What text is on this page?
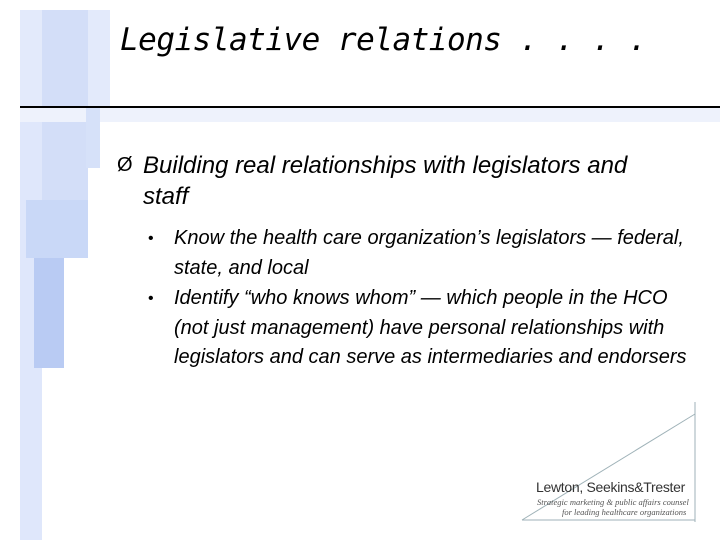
Legislative relations . . . .
Ø Building real relationships with legislators and staff
• Know the health care organization’s legislators — federal, state, and local
• Identify “who knows whom” — which people in the HCO (not just management) have personal relationships with legislators and can serve as intermediaries and endorsers
Lewton, Seekins&Trester
Strategic marketing & public affairs counsel
for leading healthcare organizations
